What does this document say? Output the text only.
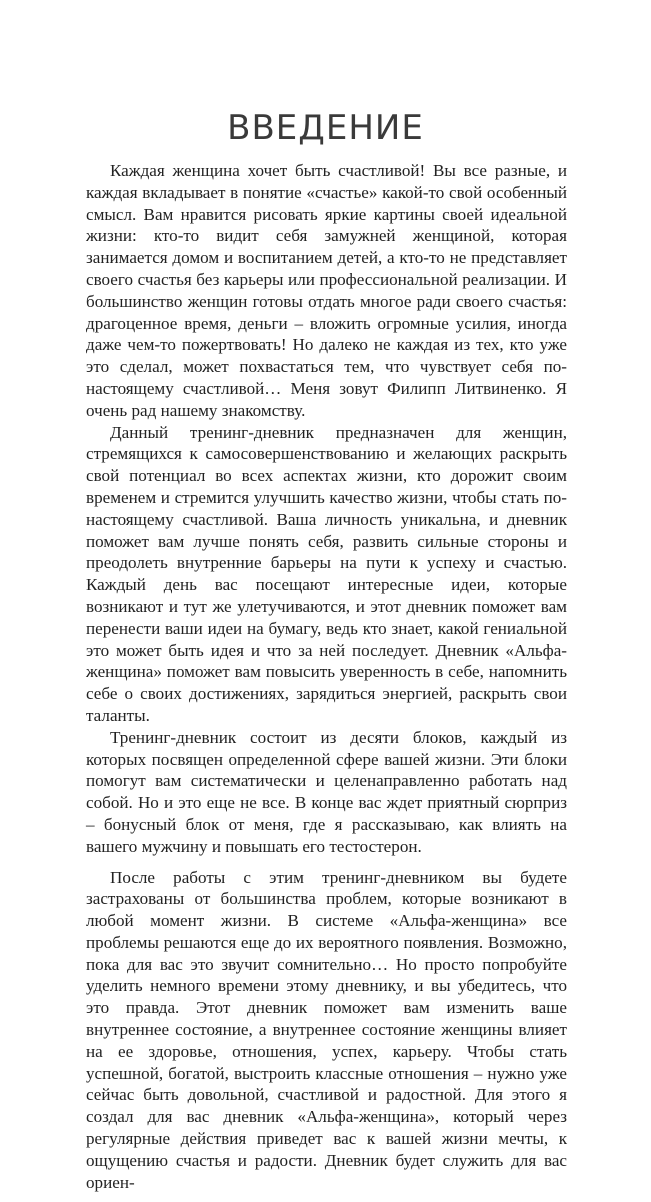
ВВЕДЕНИЕ

Каждая женщина хочет быть счастливой! Вы все разные, и каждая вкладывает в понятие «счастье» какой-то свой особенный смысл. Вам нравится рисовать яркие картины своей идеальной жизни: кто-то видит себя замужней женщиной, которая занимается домом и воспитанием детей, а кто-то не представляет своего счастья без карьеры или профессиональной реализации. И большинство женщин готовы отдать многое ради своего счастья: драгоценное время, деньги – вложить огромные усилия, иногда даже чем-то пожертвовать! Но далеко не каждая из тех, кто уже это сделал, может похвастаться тем, что чувствует себя по-настоящему счастливой… Меня зовут Филипп Литвиненко. Я очень рад нашему знакомству.

Данный тренинг-дневник предназначен для женщин, стремящихся к самосовершенствованию и желающих раскрыть свой потенциал во всех аспектах жизни, кто дорожит своим временем и стремится улучшить качество жизни, чтобы стать по-настоящему счастливой. Ваша личность уникальна, и дневник поможет вам лучше понять себя, развить сильные стороны и преодолеть внутренние барьеры на пути к успеху и счастью. Каждый день вас посещают интересные идеи, которые возникают и тут же улетучиваются, и этот дневник поможет вам перенести ваши идеи на бумагу, ведь кто знает, какой гениальной это может быть идея и что за ней последует. Дневник «Альфа-женщина» поможет вам повысить уверенность в себе, напомнить себе о своих достижениях, зарядиться энергией, раскрыть свои таланты.

Тренинг-дневник состоит из десяти блоков, каждый из которых посвящен определенной сфере вашей жизни. Эти блоки помогут вам систематически и целенаправленно работать над собой. Но и это еще не все. В конце вас ждет приятный сюрприз – бонусный блок от меня, где я рассказываю, как влиять на вашего мужчину и повышать его тестостерон.

После работы с этим тренинг-дневником вы будете застрахованы от большинства проблем, которые возникают в любой момент жизни. В системе «Альфа-женщина» все проблемы решаются еще до их вероятного появления. Возможно, пока для вас это звучит сомнительно… Но просто попробуйте уделить немного времени этому дневнику, и вы убедитесь, что это правда. Этот дневник поможет вам изменить ваше внутреннее состояние, а внутреннее состояние женщины влияет на ее здоровье, отношения, успех, карьеру. Чтобы стать успешной, богатой, выстроить классные отношения – нужно уже сейчас быть довольной, счастливой и радостной. Для этого я создал для вас дневник «Альфа-женщина», который через регулярные действия приведет вас к вашей жизни мечты, к ощущению счастья и радости. Дневник будет служить для вас ориен-
